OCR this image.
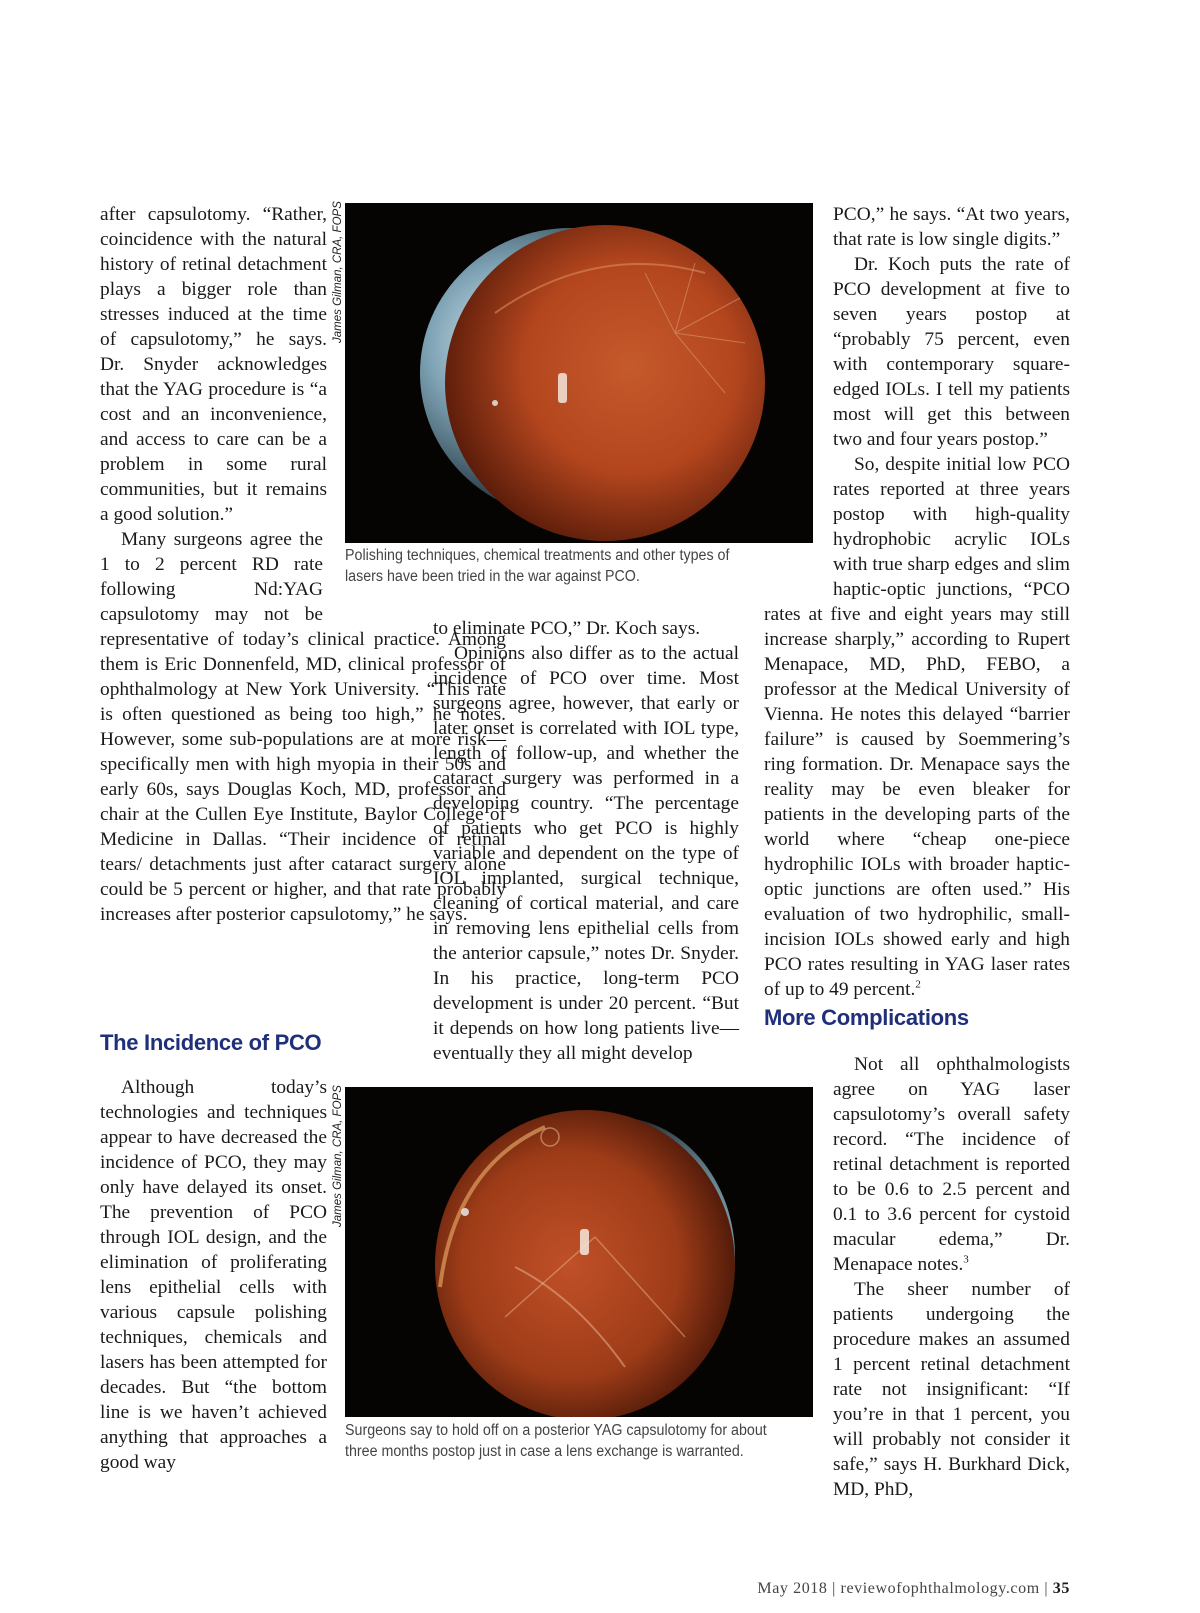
after capsulotomy. “Rather, coincidence with the natural history of retinal detachment plays a bigger role than stresses induced at the time of capsulotomy,” he says. Dr. Snyder acknowledges that the YAG procedure is “a cost and an inconvenience, and access to care can be a problem in some rural communities, but it remains a good solution.”

Many surgeons agree the 1 to 2 percent RD rate following Nd:YAG capsulotomy may not be representative of today’s clinical practice. Among them is Eric Donnenfeld, MD, clinical professor of ophthalmology at New York University. “This rate is often questioned as being too high,” he notes. However, some sub-populations are at more risk—specifically men with high myopia in their 50s and early 60s, says Douglas Koch, MD, professor and chair at the Cullen Eye Institute, Baylor College of Medicine in Dallas. “Their incidence of retinal tears/ detachments just after cataract surgery alone could be 5 percent or higher, and that rate probably increases after posterior capsulotomy,” he says.

The Incidence of PCO

Although today’s technologies and techniques appear to have decreased the incidence of PCO, they may only have delayed its onset. The prevention of PCO through IOL design, and the elimination of proliferating lens epithelial cells with various capsule polishing techniques, chemicals and lasers has been attempted for decades. But “the bottom line is we haven’t achieved anything that approaches a good way

to eliminate PCO,” Dr. Koch says.

Opinions also differ as to the actual incidence of PCO over time. Most surgeons agree, however, that early or later onset is correlated with IOL type, length of follow-up, and whether the cataract surgery was performed in a developing country. “The percentage of patients who get PCO is highly variable and dependent on the type of IOL implanted, surgical technique, cleaning of cortical material, and care in removing lens epithelial cells from the anterior capsule,” notes Dr. Snyder. In his practice, long-term PCO development is under 20 percent. “But it depends on how long patients live—eventually they all might develop

PCO,” he says. “At two years, that rate is low single digits.”

Dr. Koch puts the rate of PCO development at five to seven years postop at “probably 75 percent, even with contemporary square-edged IOLs. I tell my patients most will get this between two and four years postop.”

So, despite initial low PCO rates reported at three years postop with high-quality hydrophobic acrylic IOLs with true sharp edges and slim haptic-optic junctions, “PCO rates at five and eight years may still increase sharply,” according to Rupert Menapace, MD, PhD, FEBO, a professor at the Medical University of Vienna. He notes this delayed “barrier failure” is caused by Soemmering’s ring formation. Dr. Menapace says the reality may be even bleaker for patients in the developing parts of the world where “cheap one-piece hydrophilic IOLs with broader haptic-optic junctions are often used.” His evaluation of two hydrophilic, small-incision IOLs showed early and high PCO rates resulting in YAG laser rates of up to 49 percent.$^2$

More Complications

Not all ophthalmologists agree on YAG laser capsulotomy’s overall safety record. “The incidence of retinal detachment is reported to be 0.6 to 2.5 percent and 0.1 to 3.6 percent for cystoid macular edema,” Dr. Menapace notes.$^3$

The sheer number of patients undergoing the procedure makes an assumed 1 percent retinal detachment rate not insignificant: “If you’re in that 1 percent, you will probably not consider it safe,” says H. Burkhard Dick, MD, PhD,

James Gilman, CRA, FOPS
Polishing techniques, chemical treatments and other types of
lasers have been tried in the war against PCO.
James Gilman, CRA, FOPS
Surgeons say to hold off on a posterior YAG capsulotomy for about
three months postop just in case a lens exchange is warranted.
May 2018 | reviewofophthalmology.com | 35
